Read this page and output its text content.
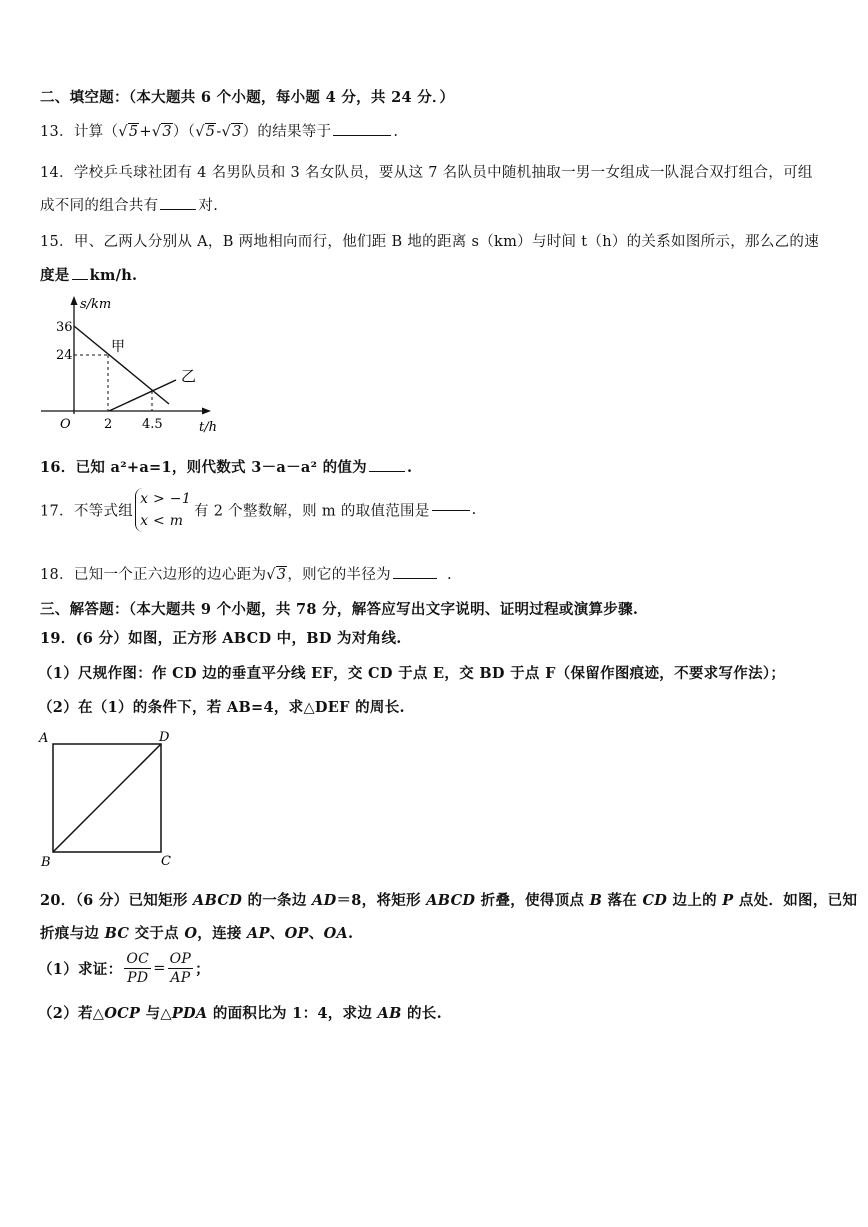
二、填空题：（本大题共 6 个小题，每小题 4 分，共 24 分．）
13．计算（√5+√3）（√5-√3）的结果等于	.
14．学校乒乓球社团有 4 名男队员和 3 名女队员，要从这 7 名队员中随机抽取一男一女组成一队混合双打组合，可组
成不同的组合共有	对.
15．甲、乙两人分别从 A，B 两地相向而行，他们距 B 地的距离 s（km）与时间 t（h）的关系如图所示，那么乙的速
度是 km/h.
s/km
t/h
O
36
24
2 4.5
甲
乙
16．已知 a²+a=1，则代数式 3－a－a² 的值为	.
17．不等式组
x > −1
x < m
有 2 个整数解，则 m 的取值范围是	.
18．已知一个正六边形的边心距为√3，则它的半径为	.
三、解答题：（本大题共 9 个小题，共 78 分，解答应写出文字说明、证明过程或演算步骤.
19．(6 分）如图，正方形 ABCD 中，BD 为对角线.
（1）尺规作图：作 CD 边的垂直平分线 EF，交 CD 于点 E，交 BD 于点 F（保留作图痕迹，不要求写作法）；
（2）在（1）的条件下，若 AB=4，求△DEF 的周长.
A	D
B	C
20．（6 分）已知矩形 ABCD 的一条边 AD＝8，将矩形 ABCD 折叠，使得顶点 B 落在 CD 边上的 P 点处．如图，已知
折痕与边 BC 交于点 O，连接 AP、OP、OA.
（1）求证： $\frac{OC}{PD} = \frac{OP}{AP}$ ；
（2）若△OCP 与△PDA 的面积比为 1：4，求边 AB 的长.
